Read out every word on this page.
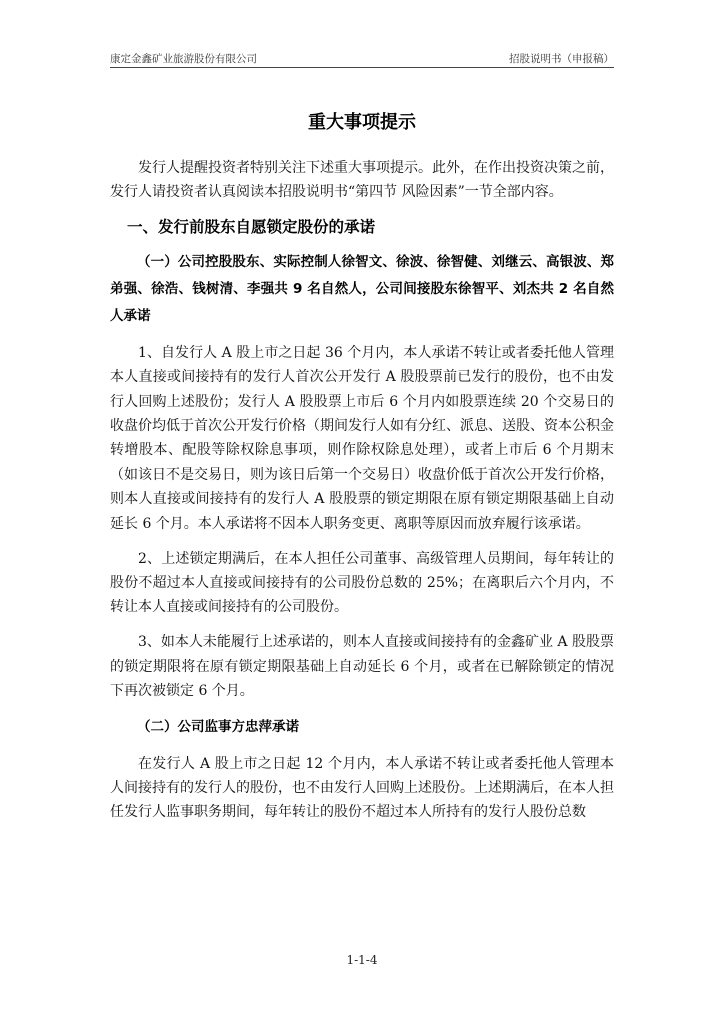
康定金鑫矿业旅游股份有限公司	招股说明书（申报稿）
重大事项提示

发行人提醒投资者特别关注下述重大事项提示。此外，在作出投资决策之前，发行人请投资者认真阅读本招股说明书“第四节 风险因素”一节全部内容。

一、发行前股东自愿锁定股份的承诺

（一）公司控股股东、实际控制人徐智文、徐波、徐智健、刘继云、高银波、郑弟强、徐浩、钱树清、李强共 9 名自然人，公司间接股东徐智平、刘杰共 2 名自然人承诺

1、自发行人 A 股上市之日起 36 个月内，本人承诺不转让或者委托他人管理本人直接或间接持有的发行人首次公开发行 A 股股票前已发行的股份，也不由发行人回购上述股份；发行人 A 股股票上市后 6 个月内如股票连续 20 个交易日的收盘价均低于首次公开发行价格（期间发行人如有分红、派息、送股、资本公积金转增股本、配股等除权除息事项，则作除权除息处理），或者上市后 6 个月期末（如该日不是交易日，则为该日后第一个交易日）收盘价低于首次公开发行价格，则本人直接或间接持有的发行人 A 股股票的锁定期限在原有锁定期限基础上自动延长 6 个月。本人承诺将不因本人职务变更、离职等原因而放弃履行该承诺。

2、上述锁定期满后，在本人担任公司董事、高级管理人员期间，每年转让的股份不超过本人直接或间接持有的公司股份总数的 25%；在离职后六个月内，不转让本人直接或间接持有的公司股份。

3、如本人未能履行上述承诺的，则本人直接或间接持有的金鑫矿业 A 股股票的锁定期限将在原有锁定期限基础上自动延长 6 个月，或者在已解除锁定的情况下再次被锁定 6 个月。

（二）公司监事方忠萍承诺

在发行人 A 股上市之日起 12 个月内，本人承诺不转让或者委托他人管理本人间接持有的发行人的股份，也不由发行人回购上述股份。上述期满后，在本人担任发行人监事职务期间，每年转让的股份不超过本人所持有的发行人股份总数

1-1-4
